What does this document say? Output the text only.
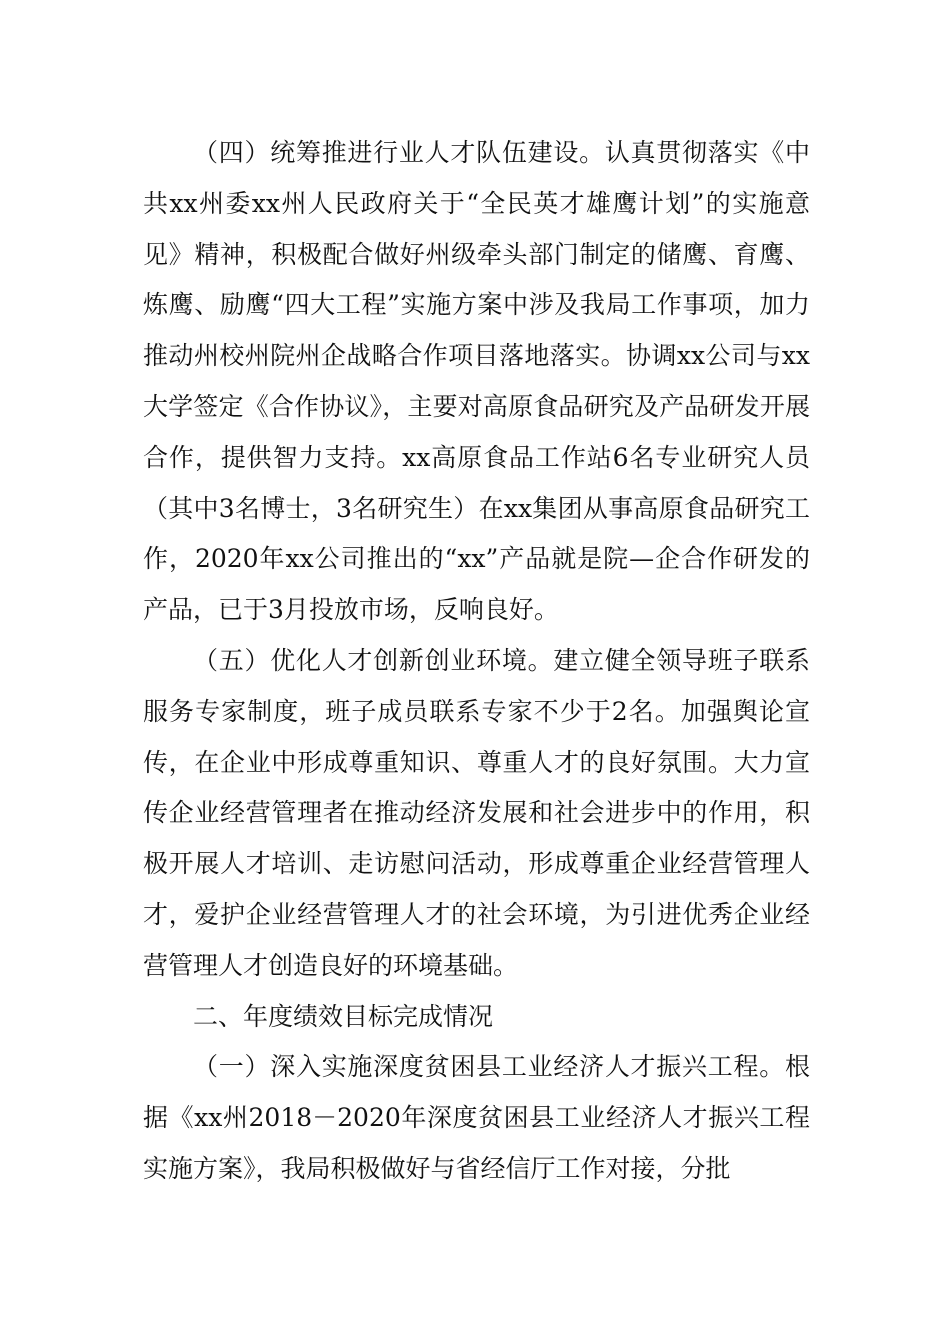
（四）统筹推进行业人才队伍建设。认真贯彻落实《中共xx州委xx州人民政府关于“全民英才雄鹰计划”的实施意见》精神，积极配合做好州级牵头部门制定的储鹰、育鹰、炼鹰、励鹰“四大工程”实施方案中涉及我局工作事项，加力推动州校州院州企战略合作项目落地落实。协调xx公司与xx大学签定《合作协议》，主要对高原食品研究及产品研发开展合作，提供智力支持。xx高原食品工作站6名专业研究人员（其中3名博士，3名研究生）在xx集团从事高原食品研究工作，2020年xx公司推出的“xx”产品就是院—企合作研发的产品，已于3月投放市场，反响良好。

（五）优化人才创新创业环境。建立健全领导班子联系服务专家制度，班子成员联系专家不少于2名。加强舆论宣传，在企业中形成尊重知识、尊重人才的良好氛围。大力宣传企业经营管理者在推动经济发展和社会进步中的作用，积极开展人才培训、走访慰问活动，形成尊重企业经营管理人才，爱护企业经营管理人才的社会环境，为引进优秀企业经营管理人才创造良好的环境基础。

二、年度绩效目标完成情况

（一）深入实施深度贫困县工业经济人才振兴工程。根据《xx州2018－2020年深度贫困县工业经济人才振兴工程实施方案》，我局积极做好与省经信厅工作对接，分批
